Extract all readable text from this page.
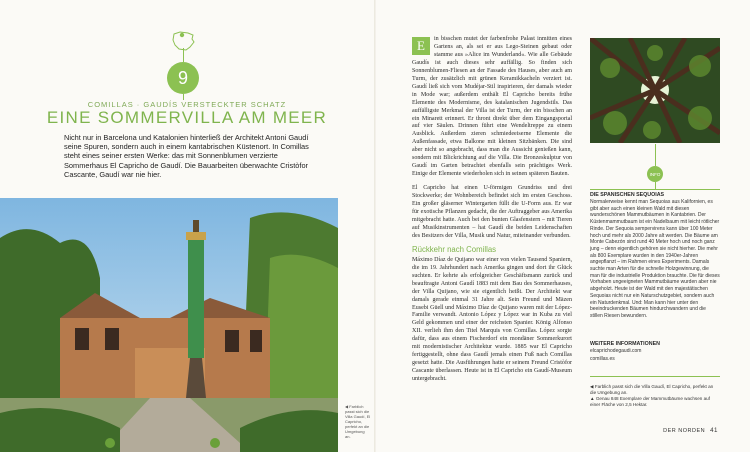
9
COMILLAS · GAUDÍS VERSTECKTER SCHATZ
EINE SOMMERVILLA AM MEER
Nicht nur in Barcelona und Katalonien hinterließ der Architekt Antoni Gaudí seine Spuren, sondern auch in einem kantabrischen Küstenort. In Comillas steht eines seiner ersten Werke: das mit Sonnenblumen verzierte Sommerhaus El Capricho de Gaudí. Die Bauarbeiten überwachte Cristòfor Cascante, Gaudí war nie hier.
◀ Farblich passt sich die Villa Gaudí, El Capricho, perfekt an die Umgebung an.
E	in bisschen mutet der farbenfrohe Palast inmitten eines Gartens an, als sei er aus Lego-Steinen gebaut oder stamme aus »Alice im Wunderland«. Wie alle Gebäude Gaudís ist auch dieses sehr auffällig. So finden sich Sonnenblumen-Fliesen an der Fassade des Hauses, aber auch am Turm, der zusätzlich mit grünen Keramikkacheln verziert ist. Gaudí ließ sich vom Mudéjar-Stil inspirieren, der damals wieder in Mode war; außerdem enthält El Capricho bereits frühe Elemente des Modernisme, des katalanischen Jugendstils. Das auffälligste Merkmal der Villa ist der Turm, der ein bisschen an ein Minarett erinnert. Er thront direkt über dem Eingangsportal auf vier Säulen. Drinnen führt eine Wendeltreppe zu einem Ausblick. Außerdem zieren schmiedeeiserne Elemente die Außenfassade, etwa Balkone mit kleinen Sitzbänken. Die sind aber nicht so angebracht, dass man die Aussicht genießen kann, sondern mit Blickrichtung auf die Villa. Die Bronzeskulptur von Gaudí im Garten betrachtet ebenfalls sein prächtiges Werk. Einige der Elemente wiederholen sich in seinen späteren Bauten.

El Capricho hat einen U-förmigen Grundriss und drei Stockwerke; der Wohnbereich befindet sich im ersten Geschoss. Ein großer gläserner Wintergarten füllt die U-Form aus. Er war für exotische Pflanzen gedacht, die der Auftraggeber aus Amerika mitgebracht hatte. Auch bei den bunten Glasfenstern – mit Tieren auf Musikinstrumenten – hat Gaudí die beiden Leidenschaften des Besitzers der Villa, Musik und Natur, miteinander verbunden.

Rückkehr nach Comillas

Máximo Díaz de Quijano war einer von vielen Tausend Spaniern, die im 19. Jahrhundert nach Amerika gingen und dort ihr Glück suchten. Er kehrte als erfolgreicher Geschäftsmann zurück und beauftragte Antoni Gaudí 1883 mit dem Bau des Sommerhauses, der Villa Quijano, wie sie eigentlich heißt. Der Architekt war damals gerade einmal 31 Jahre alt. Sein Freund und Mäzen Eusebi Güell und Máximo Díaz de Quijano waren mit der López-Familie verwandt. Antonio López y López war in Kuba zu viel Geld gekommen und einer der reichsten Spanier. König Alfonso XII. verlieh ihm den Titel Marquis von Comillas. López sorgte dafür, dass aus einem Fischerdorf ein mondäner Sommerkurort mit modernistischer Architektur wurde. 1885 war El Capricho fertiggestellt, ohne dass Gaudí jemals einen Fuß nach Comillas gesetzt hatte. Die Ausführungen hatte er seinem Freund Cristòfor Cascante überlassen. Heute ist in El Capricho ein Gaudí-Museum untergebracht.

INFO
DIE SPANISCHEN SEQUOIAS
Normalerweise kennt man Sequoias aus Kalifornien, es gibt aber auch einen kleinen Wald mit diesen wunderschönen Mammutbäumen in Kantabrien. Der Küstenmammutbaum ist ein Nadelbaum mit leicht rötlicher Rinde. Der Sequoia sempervirens kann über 100 Meter hoch und mehr als 2000 Jahre alt werden. Die Bäume am Monte Cabezón sind rund 40 Meter hoch und noch ganz jung – denn eigentlich gehören sie nicht hierher. Die mehr als 800 Exemplare wurden in den 1940er-Jahren angepflanzt – im Rahmen eines Experiments. Damals suchte man Arten für die schnelle Holzgewinnung, die man für die industrielle Produktion brauchte. Die für dieses Vorhaben ungeeigneten Mammutbäume wurden aber nie abgeholzt. Heute ist der Wald mit den majestätischen Sequoias nicht nur ein Naturschutzgebiet, sondern auch ein Naturdenkmal. Und: Man kann hier unter den beeindruckenden Bäumen hindurchwandern und die stillen Riesen bewundern.
WEITERE INFORMATIONEN
elcaprichodegaudi.com
comillas.es
◀ Farblich passt sich die Villa Gaudí, El Capricho, perfekt an die Umgebung an.
▲ Genau 848 Exemplare der Mammutbäume wachsen auf einer Fläche von 2,5 Hektar.
DER NORDEN 41
